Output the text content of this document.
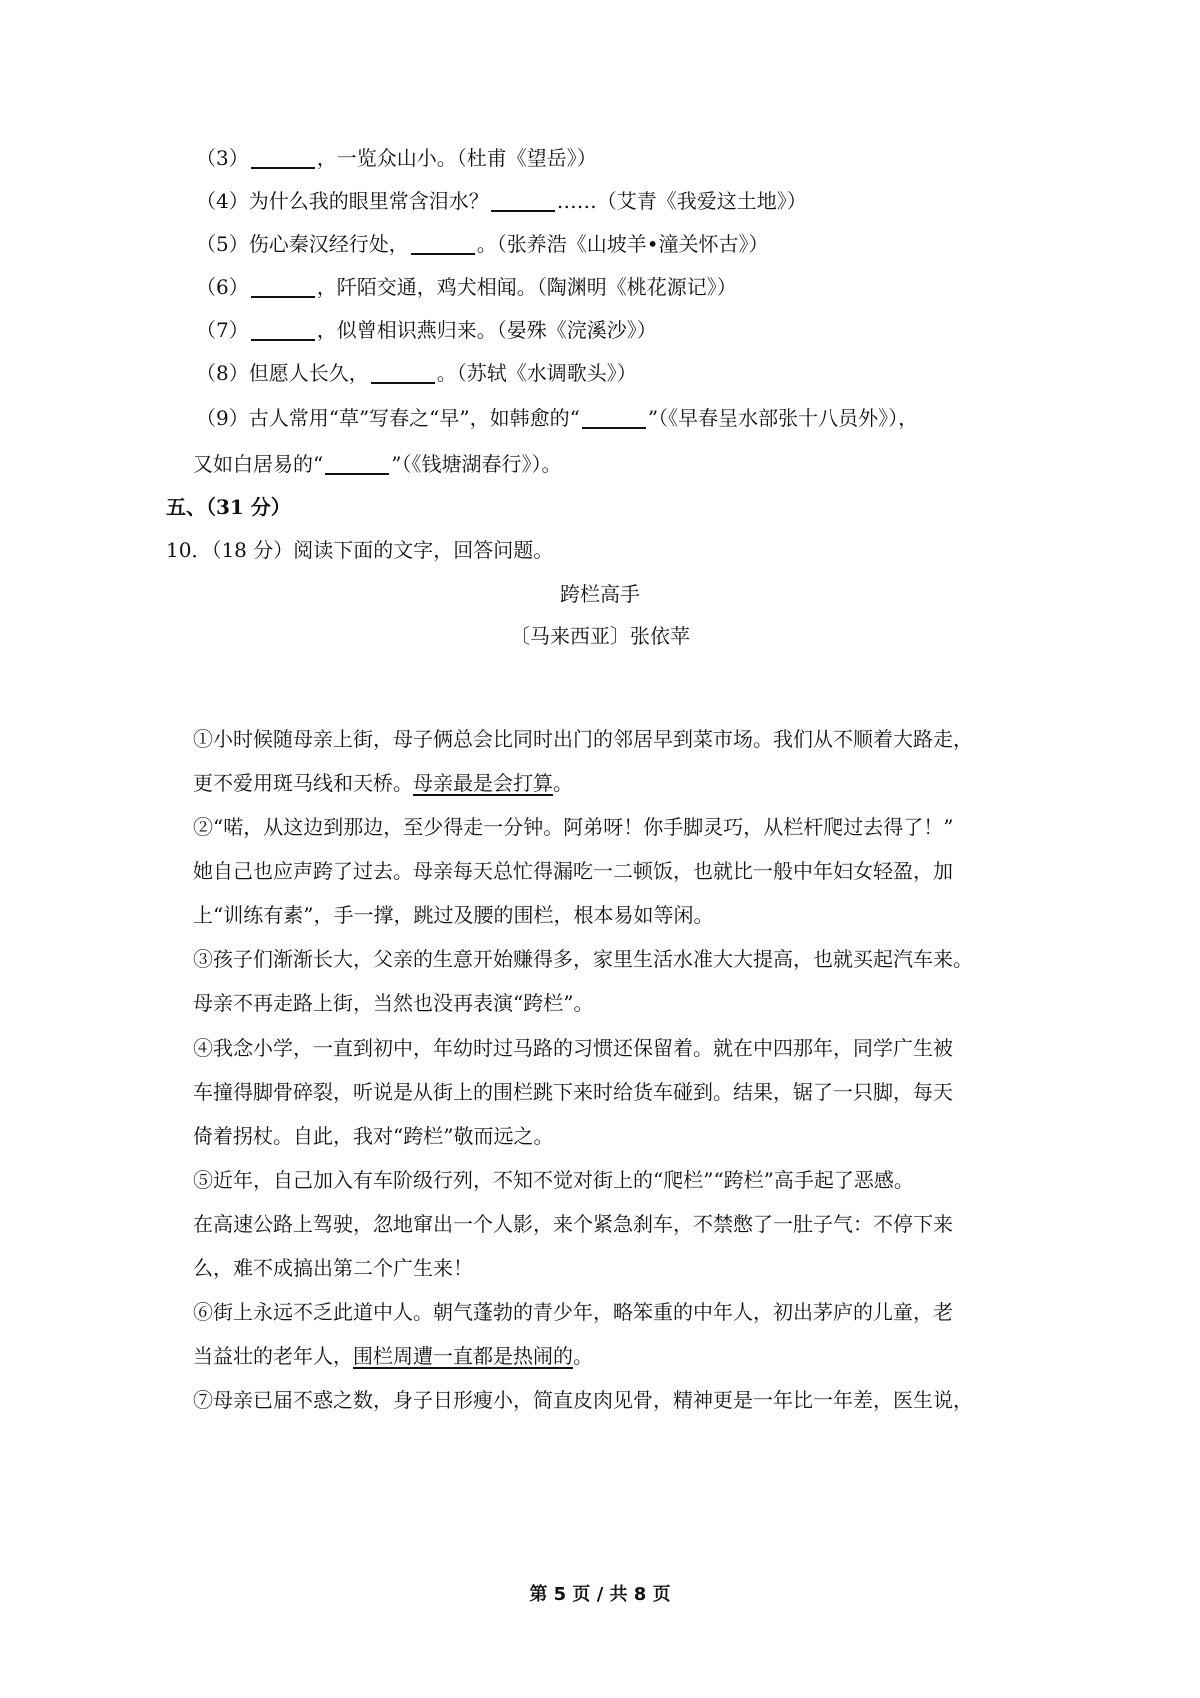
（3）	，一览众山小。（杜甫《望岳》）
（4）为什么我的眼里常含泪水？	……（艾青《我爱这土地》）
（5）伤心秦汉经行处，	。（张养浩《山坡羊•潼关怀古》）
（6）	，阡陌交通，鸡犬相闻。（陶渊明《桃花源记》）
（7）	，似曾相识燕归来。（晏殊《浣溪沙》）
（8）但愿人长久，	。（苏轼《水调歌头》）
（9）古人常用“草”写春之“早”，如韩愈的“	”（《早春呈水部张十八员外》），
又如白居易的“	”（《钱塘湖春行》）。
五、（31 分）
10．（18 分）阅读下面的文字，回答问题。
跨栏高手
〔马来西亚〕张依苹
①小时候随母亲上街，母子俩总会比同时出门的邻居早到菜市场。我们从不顺着大路走，
更不爱用斑马线和天桥。母亲最是会打算。
②“喏，从这边到那边，至少得走一分钟。阿弟呀！你手脚灵巧，从栏杆爬过去得了！”
她自己也应声跨了过去。母亲每天总忙得漏吃一二顿饭，也就比一般中年妇女轻盈，加
上“训练有素”，手一撑，跳过及腰的围栏，根本易如等闲。
③孩子们渐渐长大，父亲的生意开始赚得多，家里生活水准大大提高，也就买起汽车来。
母亲不再走路上街，当然也没再表演“跨栏”。
④我念小学，一直到初中，年幼时过马路的习惯还保留着。就在中四那年，同学广生被
车撞得脚骨碎裂，听说是从街上的围栏跳下来时给货车碰到。结果，锯了一只脚，每天
倚着拐杖。自此，我对“跨栏”敬而远之。
⑤近年，自己加入有车阶级行列，不知不觉对街上的“爬栏”“跨栏”高手起了恶感。
在高速公路上驾驶，忽地窜出一个人影，来个紧急刹车，不禁憋了一肚子气：不停下来
么，难不成搞出第二个广生来！
⑥街上永远不乏此道中人。朝气蓬勃的青少年，略笨重的中年人，初出茅庐的儿童，老
当益壮的老年人，围栏周遭一直都是热闹的。
⑦母亲已届不惑之数，身子日形瘦小，简直皮肉见骨，精神更是一年比一年差，医生说，
第 5 页 / 共 8 页
